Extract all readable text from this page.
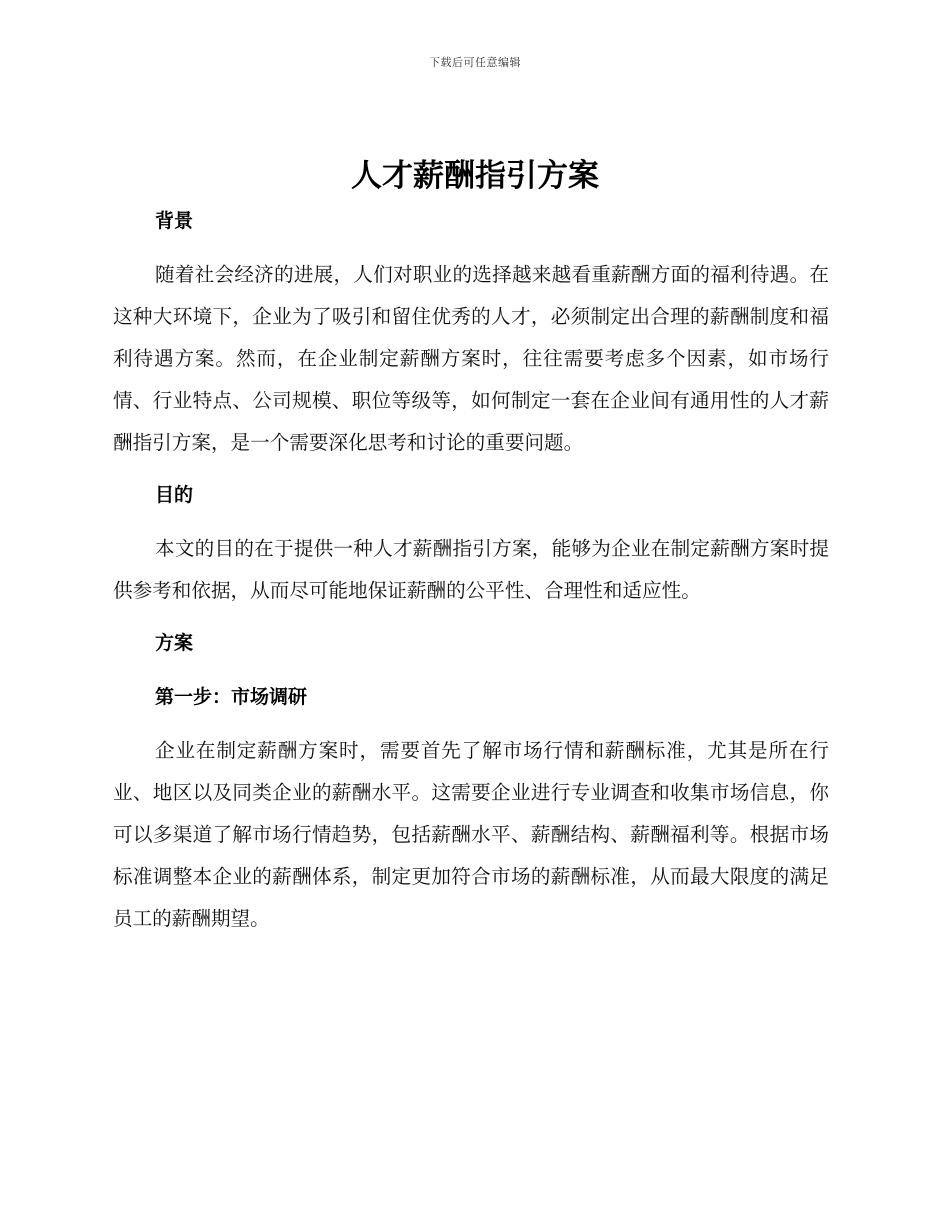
下载后可任意编辑
人才薪酬指引方案
背景

随着社会经济的进展，人们对职业的选择越来越看重薪酬方面的福利待遇。在这种大环境下，企业为了吸引和留住优秀的人才，必须制定出合理的薪酬制度和福利待遇方案。然而，在企业制定薪酬方案时，往往需要考虑多个因素，如市场行情、行业特点、公司规模、职位等级等，如何制定一套在企业间有通用性的人才薪酬指引方案，是一个需要深化思考和讨论的重要问题。

目的

本文的目的在于提供一种人才薪酬指引方案，能够为企业在制定薪酬方案时提供参考和依据，从而尽可能地保证薪酬的公平性、合理性和适应性。

方案
第一步：市场调研

企业在制定薪酬方案时，需要首先了解市场行情和薪酬标准，尤其是所在行业、地区以及同类企业的薪酬水平。这需要企业进行专业调查和收集市场信息，你可以多渠道了解市场行情趋势，包括薪酬水平、薪酬结构、薪酬福利等。根据市场标准调整本企业的薪酬体系，制定更加符合市场的薪酬标准，从而最大限度的满足员工的薪酬期望。
